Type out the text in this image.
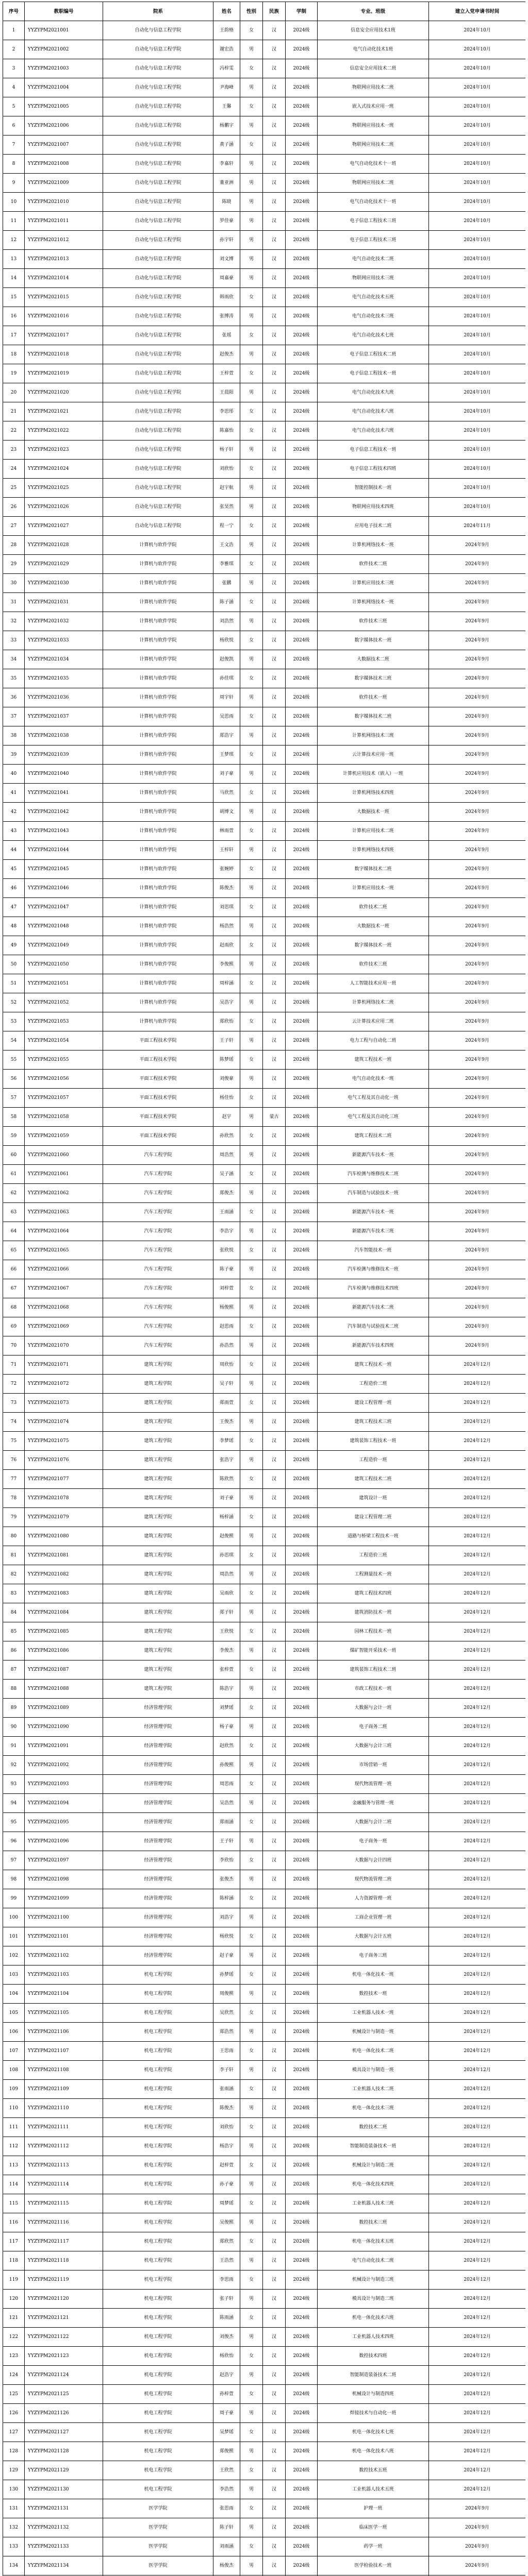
序号	教职编号	院系	姓名	性别	民族	学制	专业、班级	建立入党申请书时间
1	YYZYPM2021001	自动化与信息工程学院	王韵格	女	汉	2024级	信息安全应用技术1班	2024年10月
2	YYZYPM2021002	自动化与信息工程学院	谢宏浩	男	汉	2024级	电气自动化技术1班	2024年10月
3	YYZYPM2021003	自动化与信息工程学院	冯梓雯	女	汉	2024级	信息安全应用技术二班	2024年10月
4	YYZYPM2021004	自动化与信息工程学院	尹海峰	男	汉	2024级	物联网应用技术二班	2024年10月
5	YYZYPM2021005	自动化与信息工程学院	王馨	女	汉	2024级	嵌入式技术应用一班	2024年10月
6	YYZYPM2021006	自动化与信息工程学院	杨鹏宇	男	汉	2024级	物联网应用技术一班	2024年10月
7	YYZYPM2021007	自动化与信息工程学院	黄子涵	女	汉	2024级	物联网应用技术二班	2024年10月
8	YYZYPM2021008	自动化与信息工程学院	李嘉轩	男	汉	2024级	电气自动化技术十一班	2024年10月
9	YYZYPM2021009	自动化与信息工程学院	董亚洲	男	汉	2024级	物联网应用技术二班	2024年10月
10	YYZYPM2021010	自动化与信息工程学院	陈晓	男	汉	2024级	电气自动化技术十一班	2024年10月
11	YYZYPM2021011	自动化与信息工程学院	罗佳豪	男	汉	2024级	电子信息工程技术三班	2024年10月
12	YYZYPM2021012	自动化与信息工程学院	孙宇轩	男	汉	2024级	电子信息工程技术三班	2024年10月
13	YYZYPM2021013	自动化与信息工程学院	刘文博	男	汉	2024级	电气自动化技术二班	2024年10月
14	YYZYPM2021014	自动化与信息工程学院	周嘉豪	男	汉	2024级	物联网应用技术三班	2024年10月
15	YYZYPM2021015	自动化与信息工程学院	韩雨欣	女	汉	2024级	电气自动化技术五班	2024年10月
16	YYZYPM2021016	自动化与信息工程学院	张博涛	男	汉	2024级	电气自动化技术三班	2024年10月
17	YYZYPM2021017	自动化与信息工程学院	张瑶	女	汉	2024级	电气自动化技术七班	2024年10月
18	YYZYPM2021018	自动化与信息工程学院	赵俊杰	男	汉	2024级	电子信息工程技术二班	2024年10月
19	YYZYPM2021019	自动化与信息工程学院	王梓萱	女	汉	2024级	电子信息工程技术一班	2024年10月
20	YYZYPM2021020	自动化与信息工程学院	王晨阳	男	汉	2024级	电气自动化技术九班	2024年10月
21	YYZYPM2021021	自动化与信息工程学院	李思彤	女	汉	2024级	电气自动化技术八班	2024年10月
22	YYZYPM2021022	自动化与信息工程学院	陈嘉怡	女	汉	2024级	电气自动化技术六班	2024年10月
23	YYZYPM2021023	自动化与信息工程学院	杨子轩	男	汉	2024级	电子信息工程技术一班	2024年10月
24	YYZYPM2021024	自动化与信息工程学院	刘欣怡	女	汉	2024级	电子信息工程技术四班	2024年10月
25	YYZYPM2021025	自动化与信息工程学院	赵宇航	男	汉	2024级	智能控制技术一班	2024年10月
26	YYZYPM2021026	自动化与信息工程学院	张昊然	男	汉	2024级	物联网应用技术四班	2024年10月
27	YYZYPM2021027	自动化与信息工程学院	程一宁	女	汉	2024级	应用电子技术二班	2024年11月
28	YYZYPM2021028	计算机与软件学院	王文浩	男	汉	2024级	计算机网络技术一班	2024年9月
29	YYZYPM2021029	计算机与软件学院	李雅琪	女	汉	2024级	软件技术二班	2024年9月
30	YYZYPM2021030	计算机与软件学院	张鹏	男	汉	2024级	计算机应用技术三班	2024年9月
31	YYZYPM2021031	计算机与软件学院	陈子涵	女	汉	2024级	计算机网络技术一班	2024年9月
32	YYZYPM2021032	计算机与软件学院	刘浩然	男	汉	2024级	软件技术三班	2024年9月
33	YYZYPM2021033	计算机与软件学院	杨欣悦	女	汉	2024级	数字媒体技术一班	2024年9月
34	YYZYPM2021034	计算机与软件学院	赵俊凯	男	汉	2024级	大数据技术二班	2024年9月
35	YYZYPM2021035	计算机与软件学院	孙佳琪	女	汉	2024级	数字媒体技术三班	2024年9月
36	YYZYPM2021036	计算机与软件学院	周宇轩	男	汉	2024级	软件技术一班	2024年9月
37	YYZYPM2021037	计算机与软件学院	吴思雨	女	汉	2024级	数字媒体技术二班	2024年9月
38	YYZYPM2021038	计算机与软件学院	郑浩宇	男	汉	2024级	计算机网络技术三班	2024年9月
39	YYZYPM2021039	计算机与软件学院	王梦琪	女	汉	2024级	云计算技术应用一班	2024年9月
40	YYZYPM2021040	计算机与软件学院	刘子豪	男	汉	2024级	计算机应用技术（嵌入）一班	2024年9月
41	YYZYPM2021041	计算机与软件学院	马欣然	女	汉	2024级	计算机网络技术四班	2024年9月
42	YYZYPM2021042	计算机与软件学院	胡博文	男	汉	2024级	大数据技术一班	2024年9月
43	YYZYPM2021043	计算机与软件学院	林雨萱	女	汉	2024级	计算机应用技术二班	2024年9月
44	YYZYPM2021044	计算机与软件学院	王梓轩	男	汉	2024级	计算机网络技术四班	2024年9月
45	YYZYPM2021045	计算机与软件学院	张婉婷	女	汉	2024级	数字媒体技术二班	2024年9月
46	YYZYPM2021046	计算机与软件学院	陈俊杰	男	汉	2024级	计算机应用技术一班	2024年9月
47	YYZYPM2021047	计算机与软件学院	刘思琪	女	汉	2024级	软件技术二班	2024年9月
48	YYZYPM2021048	计算机与软件学院	杨浩然	男	汉	2024级	大数据技术一班	2024年9月
49	YYZYPM2021049	计算机与软件学院	赵雨欣	女	汉	2024级	数字媒体技术一班	2024年9月
50	YYZYPM2021050	计算机与软件学院	李俊熙	男	汉	2024级	软件技术三班	2024年9月
51	YYZYPM2021051	计算机与软件学院	周梓涵	女	汉	2024级	人工智能技术应用一班	2024年9月
52	YYZYPM2021052	计算机与软件学院	吴浩宇	男	汉	2024级	计算机网络技术二班	2024年9月
53	YYZYPM2021053	计算机与软件学院	郑欣怡	女	汉	2024级	云计算技术应用二班	2024年9月
54	YYZYPM2021054	平面工程技术学院	王子轩	男	汉	2024级	电力工程与自动化二班	2024年9月
55	YYZYPM2021055	平面工程技术学院	陈梦瑶	女	汉	2024级	建筑工程技术一班	2024年9月
56	YYZYPM2021056	平面工程技术学院	刘俊豪	男	汉	2024级	电气自动化技术一班	2024年9月
57	YYZYPM2021057	平面工程技术学院	杨佳怡	女	汉	2024级	电气工程及其自动化一班	2024年9月
58	YYZYPM2021058	平面工程技术学院	赵宇	男	蒙古	2024级	电气工程及其自动化三班	2024年9月
59	YYZYPM2021059	平面工程技术学院	孙欣然	女	汉	2024级	建筑工程技术二班	2024年9月
60	YYZYPM2021060	汽车工程学院	周浩然	男	汉	2024级	新能源汽车技术一班	2024年9月
61	YYZYPM2021061	汽车工程学院	吴子涵	女	汉	2024级	汽车检测与维修技术二班	2024年9月
62	YYZYPM2021062	汽车工程学院	郑俊杰	男	汉	2024级	汽车制造与试验技术一班	2024年9月
63	YYZYPM2021063	汽车工程学院	王雨涵	女	汉	2024级	新能源汽车技术一班	2024年9月
64	YYZYPM2021064	汽车工程学院	李浩宇	男	汉	2024级	新能源汽车技术三班	2024年9月
65	YYZYPM2021065	汽车工程学院	张欣悦	女	汉	2024级	汽车智能技术一班	2024年9月
66	YYZYPM2021066	汽车工程学院	陈子豪	男	汉	2024级	汽车检测与维修技术一班	2024年9月
67	YYZYPM2021067	汽车工程学院	刘梓萱	女	汉	2024级	汽车检测与维修技术四班	2024年9月
68	YYZYPM2021068	汽车工程学院	杨俊熙	男	汉	2024级	新能源汽车技术二班	2024年9月
69	YYZYPM2021069	汽车工程学院	赵思雨	女	汉	2024级	汽车制造与试验技术二班	2024年9月
70	YYZYPM2021070	汽车工程学院	孙浩然	男	汉	2024级	新能源汽车技术四班	2024年9月
71	YYZYPM2021071	建筑工程学院	周欣怡	女	汉	2024级	建筑工程技术一班	2024年12月
72	YYZYPM2021072	建筑工程学院	吴子轩	男	汉	2024级	工程造价二班	2024年12月
73	YYZYPM2021073	建筑工程学院	郑雨萱	女	汉	2024级	建设工程管理一班	2024年12月
74	YYZYPM2021074	建筑工程学院	王俊杰	男	汉	2024级	建筑工程技术三班	2024年12月
75	YYZYPM2021075	建筑工程学院	李梦瑶	女	汉	2024级	建筑装饰工程技术一班	2024年12月
76	YYZYPM2021076	建筑工程学院	张浩宇	男	汉	2024级	工程造价一班	2024年12月
77	YYZYPM2021077	建筑工程学院	陈欣然	女	汉	2024级	建筑工程技术二班	2024年12月
78	YYZYPM2021078	建筑工程学院	刘子豪	男	汉	2024级	建筑设计一班	2024年12月
79	YYZYPM2021079	建筑工程学院	杨梓涵	女	汉	2024级	建设工程管理二班	2024年12月
80	YYZYPM2021080	建筑工程学院	赵俊熙	男	汉	2024级	道路与桥梁工程技术一班	2024年12月
81	YYZYPM2021081	建筑工程学院	孙思琪	女	汉	2024级	工程造价三班	2024年12月
82	YYZYPM2021082	建筑工程学院	周浩然	男	汉	2024级	工程测量技术一班	2024年12月
83	YYZYPM2021083	建筑工程学院	吴雨欣	女	汉	2024级	建筑工程技术四班	2024年12月
84	YYZYPM2021084	建筑工程学院	郑子轩	男	汉	2024级	建筑消防技术一班	2024年12月
85	YYZYPM2021085	建筑工程学院	王欣悦	女	汉	2024级	园林工程技术一班	2024年12月
86	YYZYPM2021086	建筑工程学院	李俊杰	男	汉	2024级	煤矿智能开采技术一班	2024年12月
87	YYZYPM2021087	建筑工程学院	张梓萱	女	汉	2024级	建筑装饰工程技术二班	2024年12月
88	YYZYPM2021088	建筑工程学院	陈浩宇	男	汉	2024级	市政工程技术一班	2024年12月
89	YYZYPM2021089	经济管理学院	刘梦瑶	女	汉	2024级	大数据与会计一班	2024年12月
90	YYZYPM2021090	经济管理学院	杨子豪	男	汉	2024级	电子商务二班	2024年12月
91	YYZYPM2021091	经济管理学院	赵欣然	女	汉	2024级	大数据与会计三班	2024年12月
92	YYZYPM2021092	经济管理学院	孙俊熙	男	汉	2024级	市场营销一班	2024年12月
93	YYZYPM2021093	经济管理学院	周思雨	女	汉	2024级	现代物流管理一班	2024年12月
94	YYZYPM2021094	经济管理学院	吴浩然	男	汉	2024级	金融服务与管理一班	2024年12月
95	YYZYPM2021095	经济管理学院	郑雨涵	女	汉	2024级	大数据与会计二班	2024年12月
96	YYZYPM2021096	经济管理学院	王子轩	男	汉	2024级	电子商务一班	2024年12月
97	YYZYPM2021097	经济管理学院	李欣怡	女	汉	2024级	大数据与会计四班	2024年12月
98	YYZYPM2021098	经济管理学院	张俊杰	男	汉	2024级	现代物流管理二班	2024年12月
99	YYZYPM2021099	经济管理学院	陈梓涵	女	汉	2024级	人力资源管理一班	2024年12月
100	YYZYPM2021100	经济管理学院	刘浩宇	男	汉	2024级	工商企业管理一班	2024年12月
101	YYZYPM2021101	经济管理学院	杨欣悦	女	汉	2024级	大数据与会计五班	2024年12月
102	YYZYPM2021102	经济管理学院	赵子豪	男	汉	2024级	电子商务三班	2024年12月
103	YYZYPM2021103	机电工程学院	孙梦瑶	女	汉	2024级	机电一体化技术一班	2024年12月
104	YYZYPM2021104	机电工程学院	周俊熙	男	汉	2024级	数控技术一班	2024年12月
105	YYZYPM2021105	机电工程学院	吴欣然	女	汉	2024级	工业机器人技术一班	2024年12月
106	YYZYPM2021106	机电工程学院	郑浩然	男	汉	2024级	机械设计与制造一班	2024年12月
107	YYZYPM2021107	机电工程学院	王思雨	女	汉	2024级	机电一体化技术二班	2024年12月
108	YYZYPM2021108	机电工程学院	李子轩	男	汉	2024级	模具设计与制造一班	2024年12月
109	YYZYPM2021109	机电工程学院	张雨涵	女	汉	2024级	工业机器人技术二班	2024年12月
110	YYZYPM2021110	机电工程学院	陈俊杰	男	汉	2024级	机电一体化技术三班	2024年12月
111	YYZYPM2021111	机电工程学院	刘欣怡	女	汉	2024级	数控技术二班	2024年12月
112	YYZYPM2021112	机电工程学院	杨浩宇	男	汉	2024级	智能制造装备技术一班	2024年12月
113	YYZYPM2021113	机电工程学院	赵梓萱	女	汉	2024级	机械设计与制造二班	2024年12月
114	YYZYPM2021114	机电工程学院	孙子豪	男	汉	2024级	机电一体化技术四班	2024年12月
115	YYZYPM2021115	机电工程学院	周梦瑶	女	汉	2024级	工业机器人技术三班	2024年12月
116	YYZYPM2021116	机电工程学院	吴俊熙	男	汉	2024级	数控技术三班	2024年12月
117	YYZYPM2021117	机电工程学院	郑欣然	女	汉	2024级	机电一体化技术五班	2024年12月
118	YYZYPM2021118	机电工程学院	王浩然	男	汉	2024级	电气自动化技术二班	2024年12月
119	YYZYPM2021119	机电工程学院	李思雨	女	汉	2024级	机械设计与制造三班	2024年12月
120	YYZYPM2021120	机电工程学院	张子轩	男	汉	2024级	模具设计与制造二班	2024年12月
121	YYZYPM2021121	机电工程学院	陈雨涵	女	汉	2024级	机电一体化技术六班	2024年12月
122	YYZYPM2021122	机电工程学院	刘俊杰	男	汉	2024级	工业机器人技术四班	2024年12月
123	YYZYPM2021123	机电工程学院	杨欣怡	女	汉	2024级	数控技术四班	2024年12月
124	YYZYPM2021124	机电工程学院	赵浩宇	男	汉	2024级	智能制造装备技术二班	2024年12月
125	YYZYPM2021125	机电工程学院	孙梓萱	女	汉	2024级	机械设计与制造四班	2024年12月
126	YYZYPM2021126	机电工程学院	周子豪	男	汉	2024级	焊接技术与自动化一班	2024年12月
127	YYZYPM2021127	机电工程学院	吴梦瑶	女	汉	2024级	机电一体化技术七班	2024年12月
128	YYZYPM2021128	机电工程学院	郑俊熙	男	汉	2024级	机电一体化技术八班	2024年12月
129	YYZYPM2021129	机电工程学院	王欣然	女	汉	2024级	数控技术五班	2024年12月
130	YYZYPM2021130	机电工程学院	李浩然	男	汉	2024级	工业机器人技术五班	2024年12月
131	YYZYPM2021131	医学学院	张思雨	女	汉	2024级	护理一班	2024年9月
132	YYZYPM2021132	医学学院	陈子轩	男	汉	2024级	临床医学一班	2024年9月
133	YYZYPM2021133	医学学院	刘雨涵	女	汉	2024级	药学一班	2024年9月
134	YYZYPM2021134	医学学院	杨俊杰	男	汉	2024级	医学检验技术一班	2024年9月
